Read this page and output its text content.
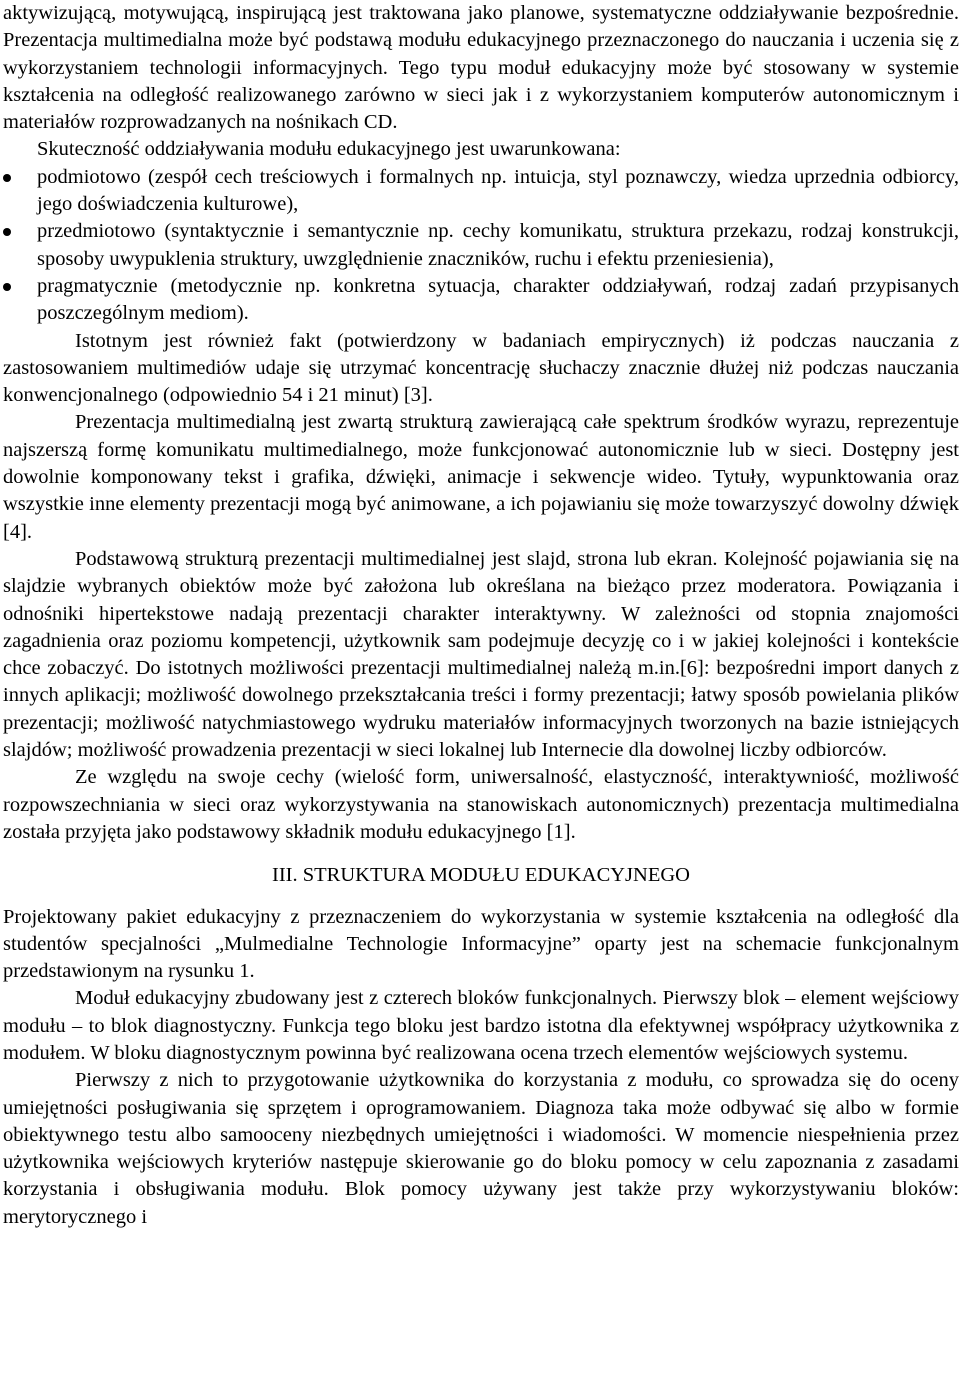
aktywizującą, motywującą, inspirującą jest traktowana jako planowe, systematyczne oddziaływanie bezpośrednie. Prezentacja multimedialna może być podstawą modułu edukacyjnego przeznaczonego do nauczania i uczenia się z wykorzystaniem technologii informacyjnych. Tego typu moduł edukacyjny może być stosowany w systemie kształcenia na odległość realizowanego zarówno w sieci jak i z wykorzystaniem komputerów autonomicznym i materiałów rozprowadzanych na nośnikach CD.

Skuteczność oddziaływania modułu edukacyjnego jest uwarunkowana:

podmiotowo (zespół cech treściowych i formalnych np. intuicja, styl poznawczy, wiedza uprzednia odbiorcy, jego doświadczenia kulturowe),
przedmiotowo (syntaktycznie i semantycznie np. cechy komunikatu, struktura przekazu, rodzaj konstrukcji, sposoby uwypuklenia struktury, uwzględnienie znaczników, ruchu i efektu przeniesienia),
pragmatycznie (metodycznie np. konkretna sytuacja, charakter oddziaływań, rodzaj zadań przypisanych poszczególnym mediom).

Istotnym jest również fakt (potwierdzony w badaniach empirycznych) iż podczas nauczania z zastosowaniem multimediów udaje się utrzymać koncentrację słuchaczy znacznie dłużej niż podczas nauczania konwencjonalnego (odpowiednio 54 i 21 minut) [3].

Prezentacja multimedialną jest zwartą strukturą zawierającą całe spektrum środków wyrazu, reprezentuje najszerszą formę komunikatu multimedialnego, może funkcjonować autonomicznie lub w sieci. Dostępny jest dowolnie komponowany tekst i grafika, dźwięki, animacje i sekwencje wideo. Tytuły, wypunktowania oraz wszystkie inne elementy prezentacji mogą być animowane, a ich pojawianiu się może towarzyszyć dowolny dźwięk [4].

Podstawową strukturą prezentacji multimedialnej jest slajd, strona lub ekran. Kolejność pojawiania się na slajdzie wybranych obiektów może być założona lub określana na bieżąco przez moderatora. Powiązania i odnośniki hipertekstowe nadają prezentacji charakter interaktywny. W zależności od stopnia znajomości zagadnienia oraz poziomu kompetencji, użytkownik sam podejmuje decyzję co i w jakiej kolejności i kontekście chce zobaczyć. Do istotnych możliwości prezentacji multimedialnej należą m.in.[6]: bezpośredni import danych z innych aplikacji; możliwość dowolnego przekształcania treści i formy prezentacji; łatwy sposób powielania plików prezentacji; możliwość natychmiastowego wydruku materiałów informacyjnych tworzonych na bazie istniejących slajdów; możliwość prowadzenia prezentacji w sieci lokalnej lub Internecie dla dowolnej liczby odbiorców.

Ze względu na swoje cechy (wielość form, uniwersalność, elastyczność, interaktywniość, możliwość rozpowszechniania w sieci oraz wykorzystywania na stanowiskach autonomicznych) prezentacja multimedialna została przyjęta jako podstawowy składnik modułu edukacyjnego [1].

III. STRUKTURA MODUŁU EDUKACYJNEGO

Projektowany pakiet edukacyjny z przeznaczeniem do wykorzystania w systemie kształcenia na odległość dla studentów specjalności „Mulmedialne Technologie Informacyjne” oparty jest na schemacie funkcjonalnym przedstawionym na rysunku 1.

Moduł edukacyjny zbudowany jest z czterech bloków funkcjonalnych. Pierwszy blok – element wejściowy modułu – to blok diagnostyczny. Funkcja tego bloku jest bardzo istotna dla efektywnej współpracy użytkownika z modułem. W bloku diagnostycznym powinna być realizowana ocena trzech elementów wejściowych systemu.

Pierwszy z nich to przygotowanie użytkownika do korzystania z modułu, co sprowadza się do oceny umiejętności posługiwania się sprzętem i oprogramowaniem. Diagnoza taka może odbywać się albo w formie obiektywnego testu albo samooceny niezbędnych umiejętności i wiadomości. W momencie niespełnienia przez użytkownika wejściowych kryteriów następuje skierowanie go do bloku pomocy w celu zapoznania z zasadami korzystania i obsługiwania modułu. Blok pomocy używany jest także przy wykorzystywaniu bloków: merytorycznego i
